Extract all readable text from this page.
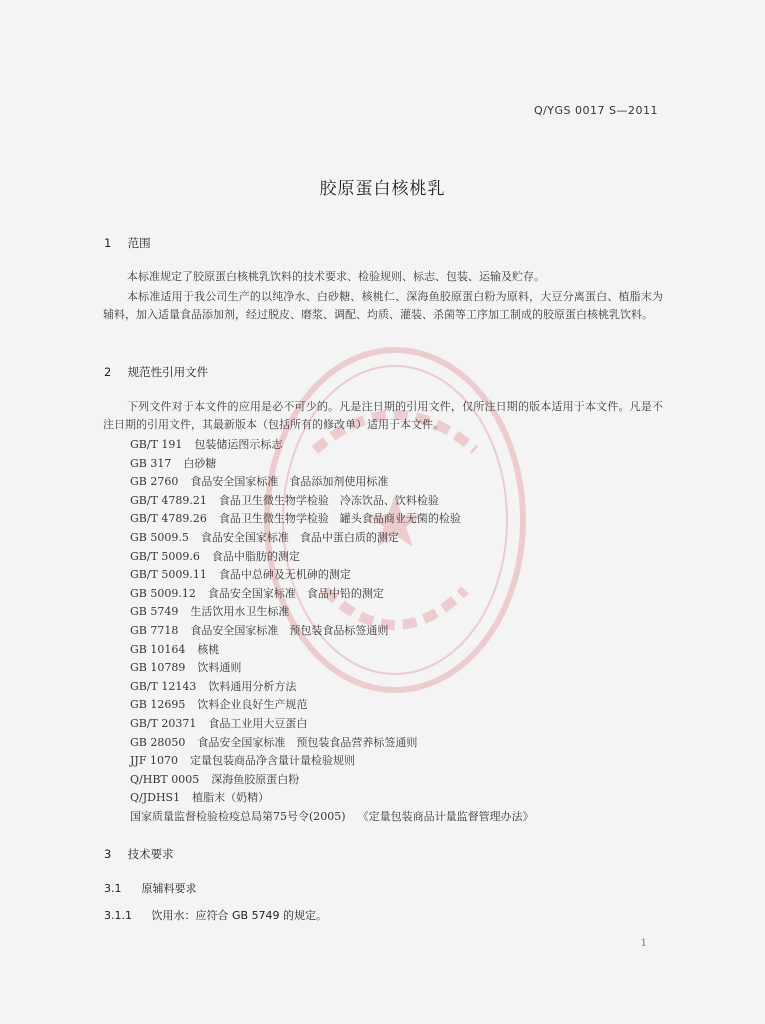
Q/YGS 0017 S—2011
胶原蛋白核桃乳
1 范围
本标准规定了胶原蛋白核桃乳饮料的技术要求、检验规则、标志、包装、运输及贮存。
本标准适用于我公司生产的以纯净水、白砂糖、核桃仁、深海鱼胶原蛋白粉为原料，大豆分离蛋白、植脂末为辅料，加入适量食品添加剂，经过脱皮、磨浆、调配、均质、灌装、杀菌等工序加工制成的胶原蛋白核桃乳饮料。
2 规范性引用文件
下列文件对于本文件的应用是必不可少的。凡是注日期的引用文件，仅所注日期的版本适用于本文件。凡是不注日期的引用文件，其最新版本（包括所有的修改单）适用于本文件。
GB/T 191 包装储运图示标志
GB 317 白砂糖
GB 2760 食品安全国家标准　食品添加剂使用标准
GB/T 4789.21 食品卫生微生物学检验　冷冻饮品、饮料检验
GB/T 4789.26 食品卫生微生物学检验　罐头食品商业无菌的检验
GB 5009.5 食品安全国家标准　食品中蛋白质的测定
GB/T 5009.6 食品中脂肪的测定
GB/T 5009.11 食品中总砷及无机砷的测定
GB 5009.12 食品安全国家标准　食品中铅的测定
GB 5749 生活饮用水卫生标准
GB 7718 食品安全国家标准　预包装食品标签通则
GB 10164 核桃
GB 10789 饮料通则
GB/T 12143 饮料通用分析方法
GB 12695 饮料企业良好生产规范
GB/T 20371 食品工业用大豆蛋白
GB 28050 食品安全国家标准　预包装食品营养标签通则
JJF 1070 定量包装商品净含量计量检验规则
Q/HBT 0005 深海鱼胶原蛋白粉
Q/JDHS1 植脂末（奶精）
国家质量监督检验检疫总局第75号令(2005) 《定量包装商品计量监督管理办法》
3 技术要求
3.1 原辅料要求
3.1.1 饮用水：应符合 GB 5749 的规定。
1
